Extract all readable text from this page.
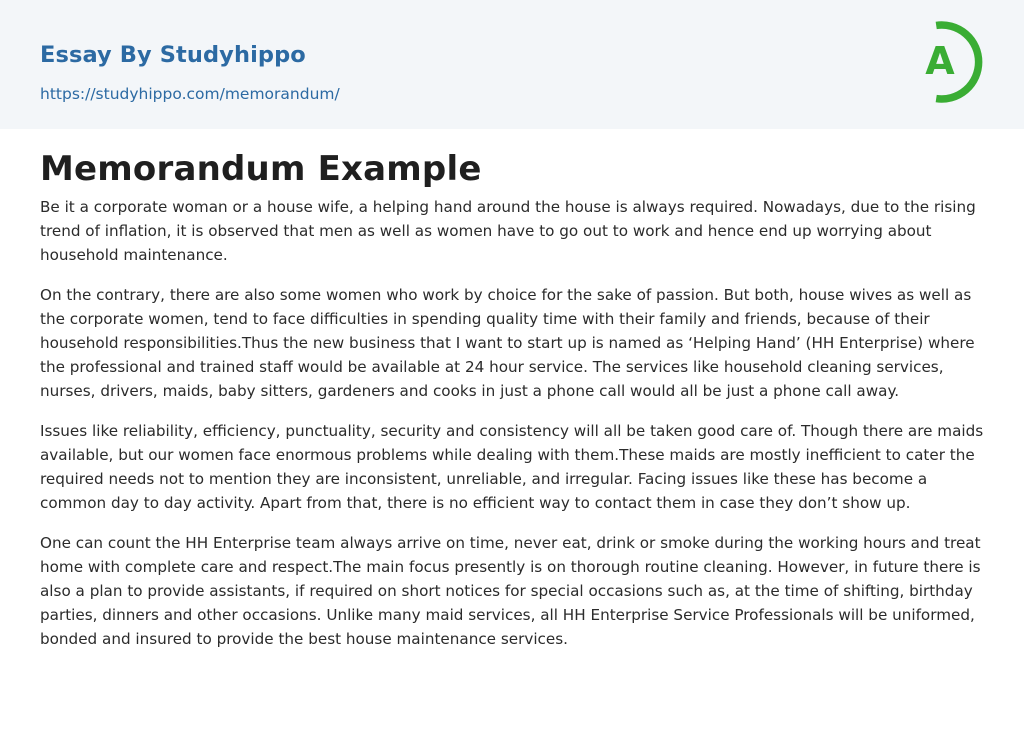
Essay By Studyhippo
https://studyhippo.com/memorandum/
A
Memorandum Example

Be it a corporate woman or a house wife, a helping hand around the house is always required. Nowadays, due to the rising trend of inflation, it is observed that men as well as women have to go out to work and hence end up worrying about household maintenance.

On the contrary, there are also some women who work by choice for the sake of passion. But both, house wives as well as the corporate women, tend to face difficulties in spending quality time with their family and friends, because of their household responsibilities.Thus the new business that I want to start up is named as ‘Helping Hand’ (HH Enterprise) where the professional and trained staff would be available at 24 hour service. The services like household cleaning services, nurses, drivers, maids, baby sitters, gardeners and cooks in just a phone call would all be just a phone call away.

Issues like reliability, efficiency, punctuality, security and consistency will all be taken good care of. Though there are maids available, but our women face enormous problems while dealing with them.These maids are mostly inefficient to cater the required needs not to mention they are inconsistent, unreliable, and irregular. Facing issues like these has become a common day to day activity. Apart from that, there is no efficient way to contact them in case they don’t show up.

One can count the HH Enterprise team always arrive on time, never eat, drink or smoke during the working hours and treat home with complete care and respect.The main focus presently is on thorough routine cleaning. However, in future there is also a plan to provide assistants, if required on short notices for special occasions such as, at the time of shifting, birthday parties, dinners and other occasions. Unlike many maid services, all HH Enterprise Service Professionals will be uniformed, bonded and insured to provide the best house maintenance services.
